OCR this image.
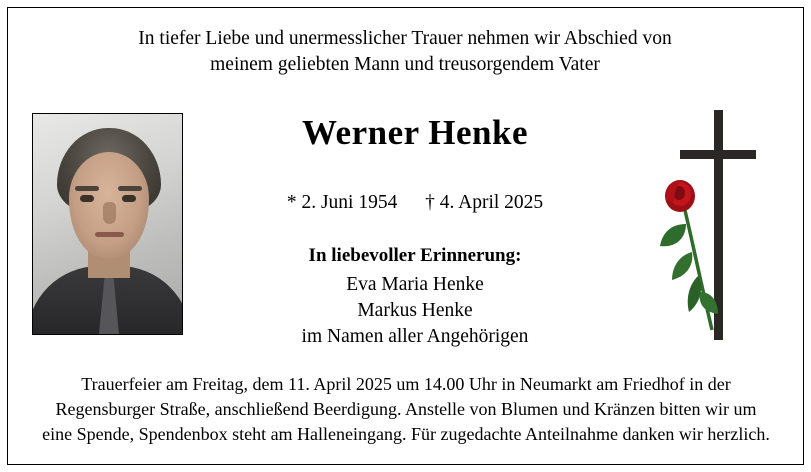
In tiefer Liebe und unermesslicher Trauer nehmen wir Abschied von
meinem geliebten Mann und treusorgendem Vater
Werner Henke
* 2. Juni 1954 † 4. April 2025
In liebevoller Erinnerung:
Eva Maria Henke
Markus Henke
im Namen aller Angehörigen
Trauerfeier am Freitag, dem 11. April 2025 um 14.00 Uhr in Neumarkt am Friedhof in der
Regensburger Straße, anschließend Beerdigung. Anstelle von Blumen und Kränzen bitten wir um
eine Spende, Spendenbox steht am Halleneingang. Für zugedachte Anteilnahme danken wir herzlich.
